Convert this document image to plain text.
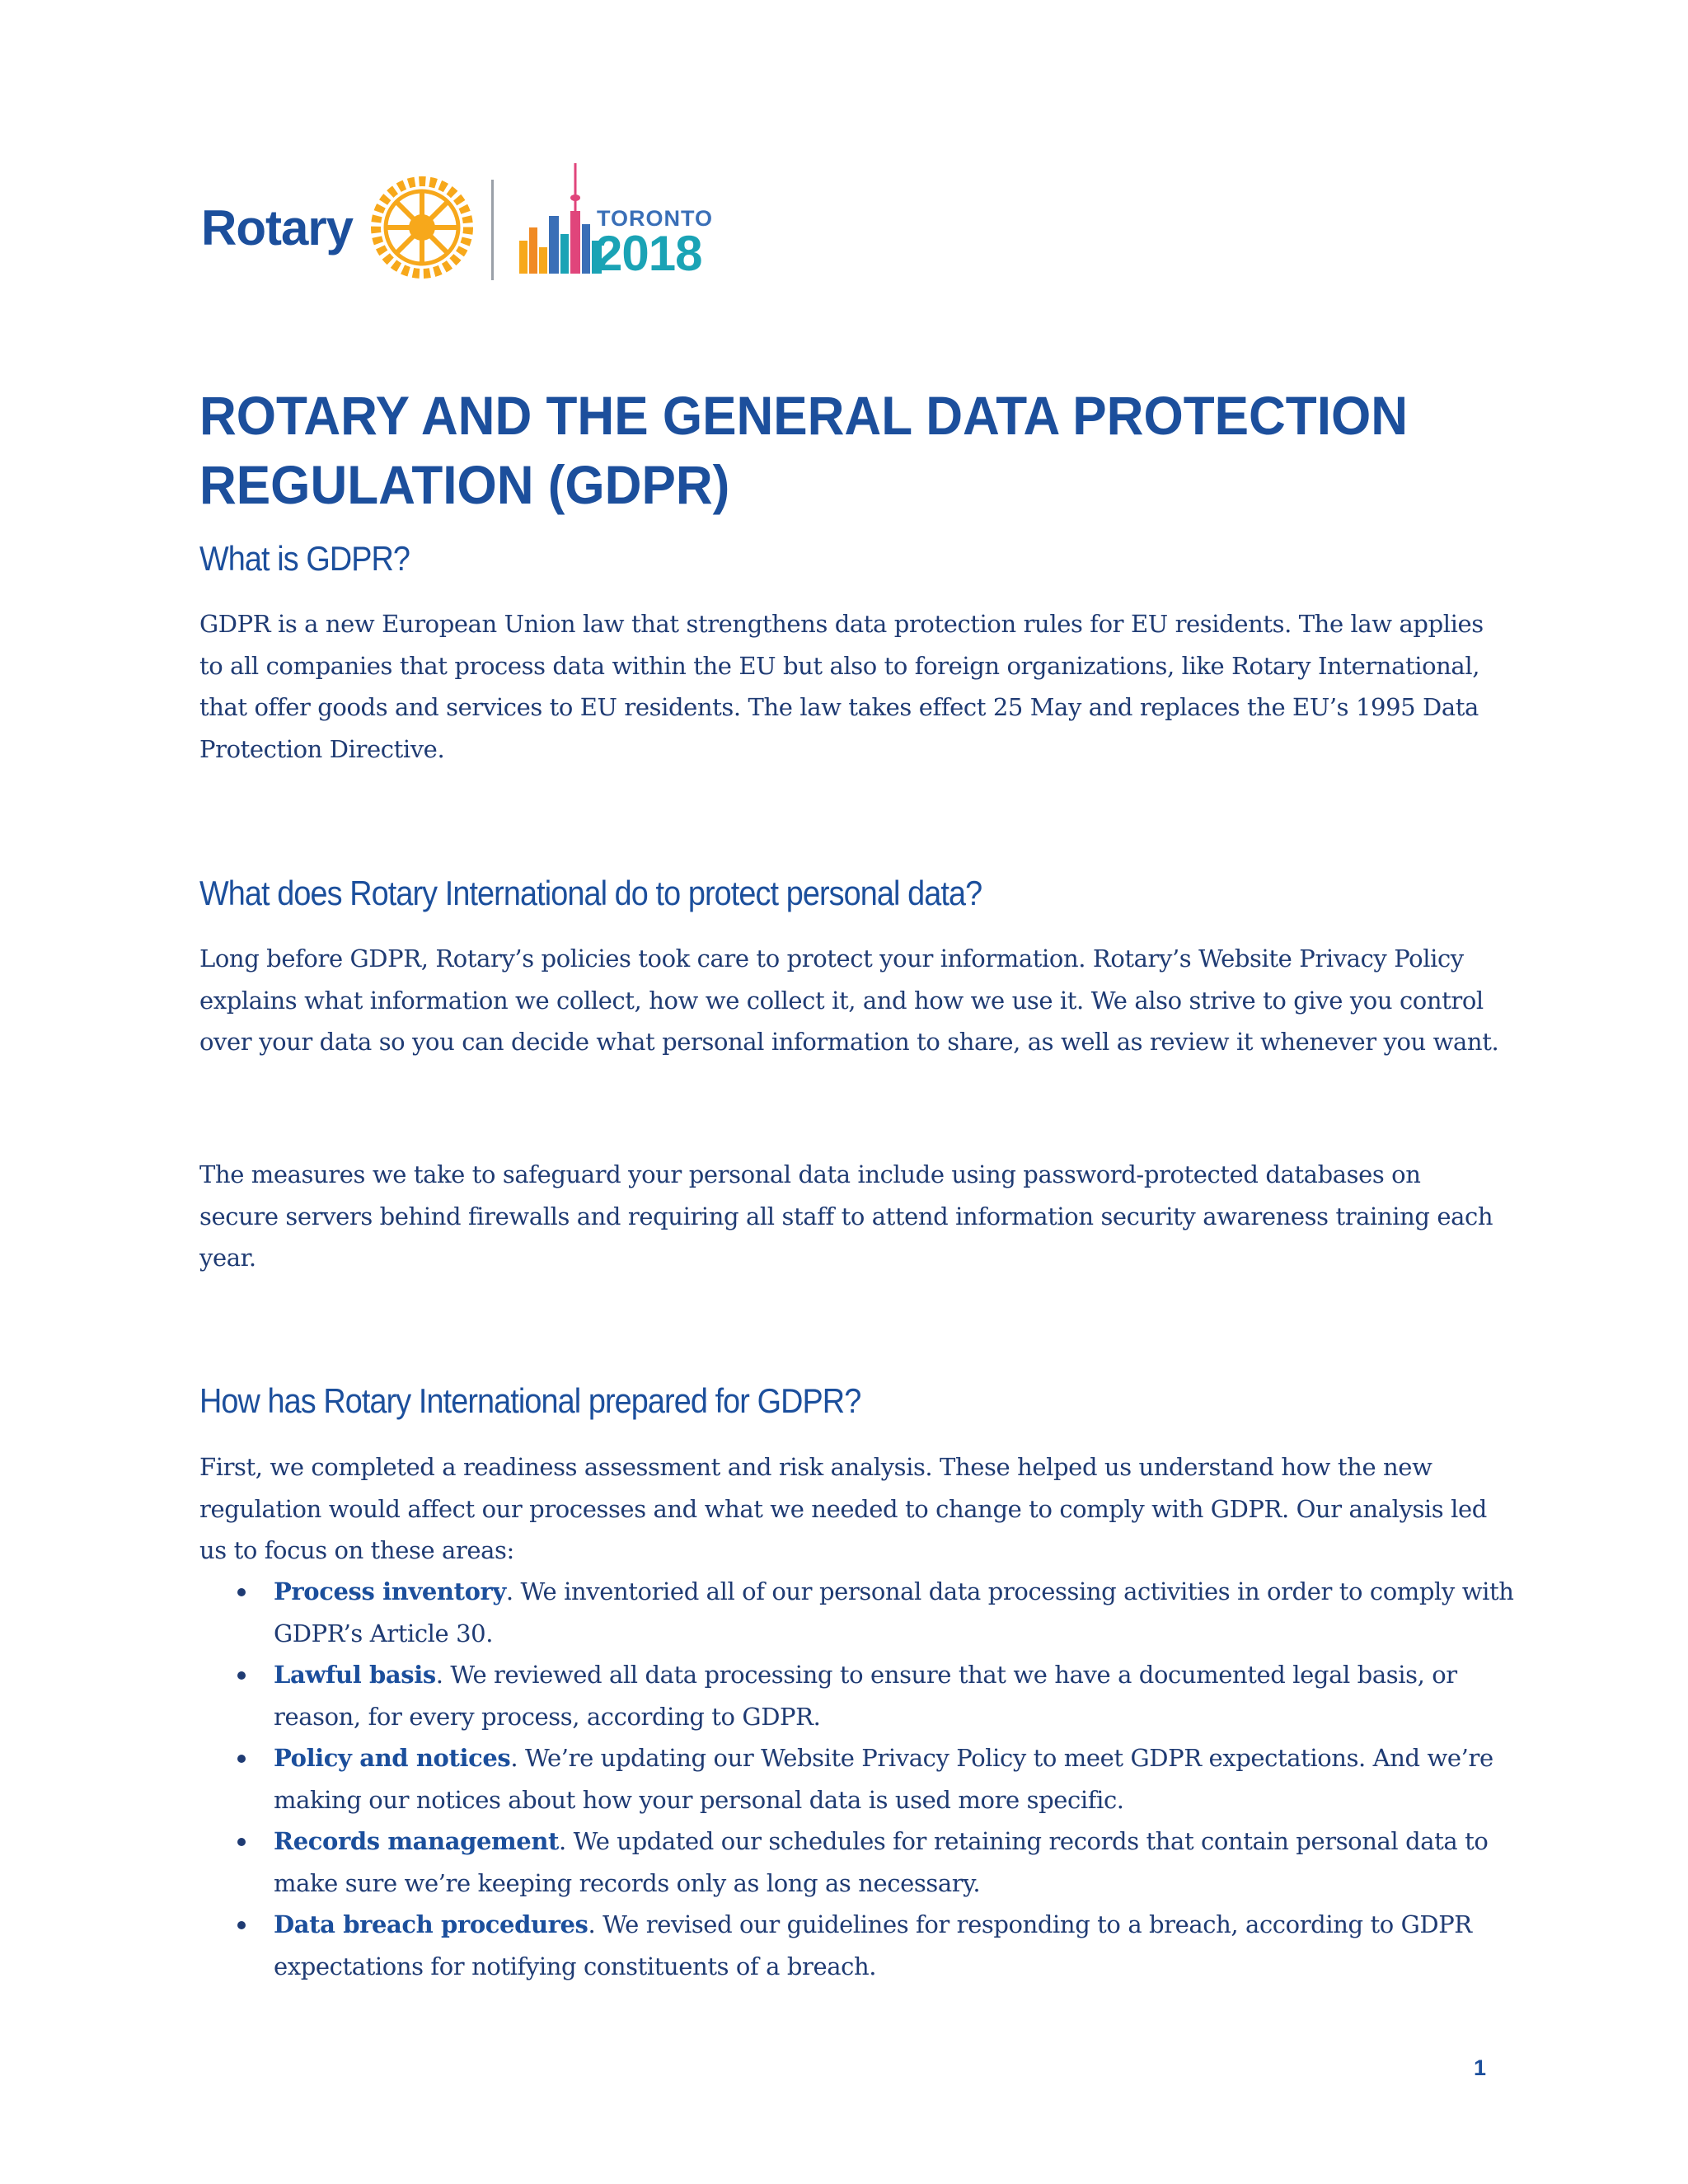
Rotary	TORONTO
2018
ROTARY AND THE GENERAL DATA PROTECTION REGULATION (GDPR)
What is GDPR?

GDPR is a new European Union law that strengthens data protection rules for EU residents. The law applies to all companies that process data within the EU but also to foreign organizations, like Rotary International, that offer goods and services to EU residents. The law takes effect 25 May and replaces the EU’s 1995 Data Protection Directive.

What does Rotary International do to protect personal data?

Long before GDPR, Rotary’s policies took care to protect your information. Rotary’s Website Privacy Policy explains what information we collect, how we collect it, and how we use it. We also strive to give you control over your data so you can decide what personal information to share, as well as review it whenever you want.

The measures we take to safeguard your personal data include using password-protected databases on secure servers behind firewalls and requiring all staff to attend information security awareness training each year.

How has Rotary International prepared for GDPR?

First, we completed a readiness assessment and risk analysis. These helped us understand how the new regulation would affect our processes and what we needed to change to comply with GDPR. Our analysis led us to focus on these areas:

Process inventory. We inventoried all of our personal data processing activities in order to comply with GDPR’s Article 30.
Lawful basis. We reviewed all data processing to ensure that we have a documented legal basis, or reason, for every process, according to GDPR.
Policy and notices. We’re updating our Website Privacy Policy to meet GDPR expectations. And we’re making our notices about how your personal data is used more specific.
Records management. We updated our schedules for retaining records that contain personal data to make sure we’re keeping records only as long as necessary.
Data breach procedures. We revised our guidelines for responding to a breach, according to GDPR expectations for notifying constituents of a breach.
1
